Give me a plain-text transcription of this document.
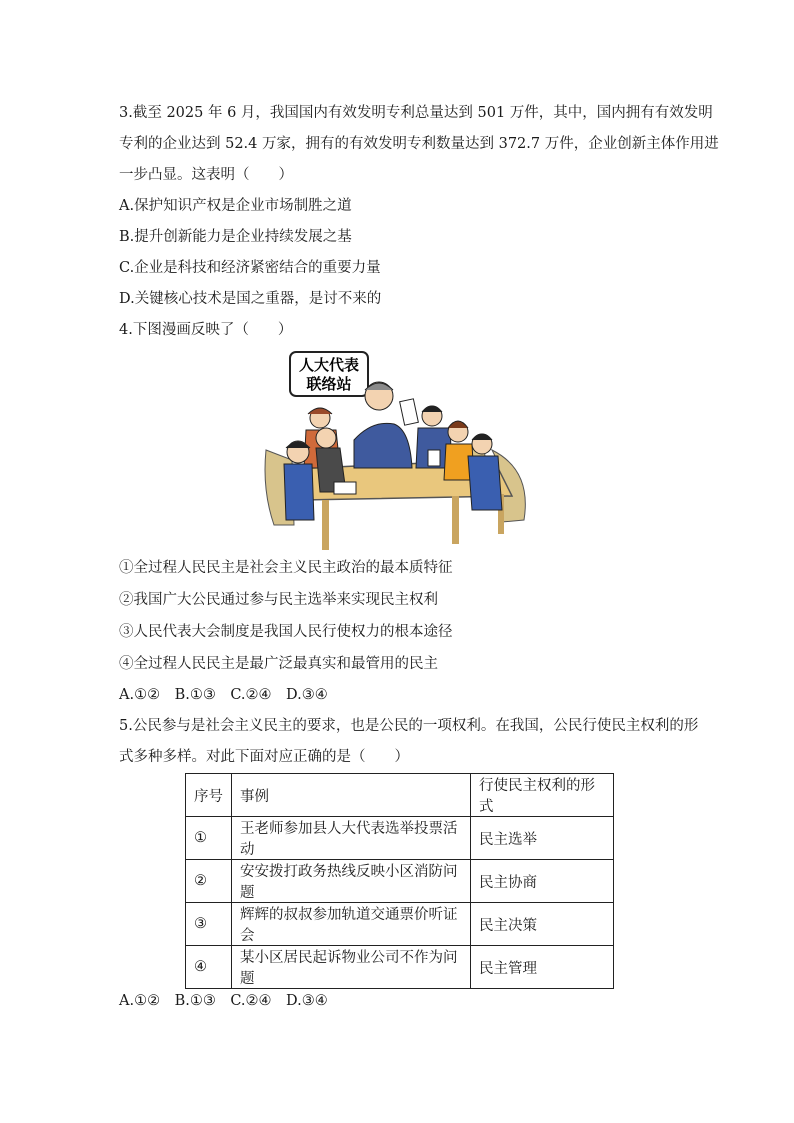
3.截至 2025 年 6 月，我国国内有效发明专利总量达到 501 万件，其中，国内拥有有效发明
专利的企业达到 52.4 万家，拥有的有效发明专利数量达到 372.7 万件，企业创新主体作用进
一步凸显。这表明（　　）
A.保护知识产权是企业市场制胜之道
B.提升创新能力是企业持续发展之基
C.企业是科技和经济紧密结合的重要力量
D.关键核心技术是国之重器，是讨不来的
4.下图漫画反映了（　　）
人大代表
联络站
①全过程人民民主是社会主义民主政治的最本质特征
②我国广大公民通过参与民主选举来实现民主权利
③人民代表大会制度是我国人民行使权力的根本途径
④全过程人民民主是最广泛最真实和最管用的民主
A.①②　B.①③　C.②④　D.③④
5.公民参与是社会主义民主的要求，也是公民的一项权利。在我国，公民行使民主权利的形
式多种多样。对此下面对应正确的是（　　）
序号	事例	行使民主权利的形式
①	王老师参加县人大代表选举投票活动	民主选举
②	安安拨打政务热线反映小区消防问题	民主协商
③	辉辉的叔叔参加轨道交通票价听证会	民主决策
④	某小区居民起诉物业公司不作为问题	民主管理
A.①②　B.①③　C.②④　D.③④
